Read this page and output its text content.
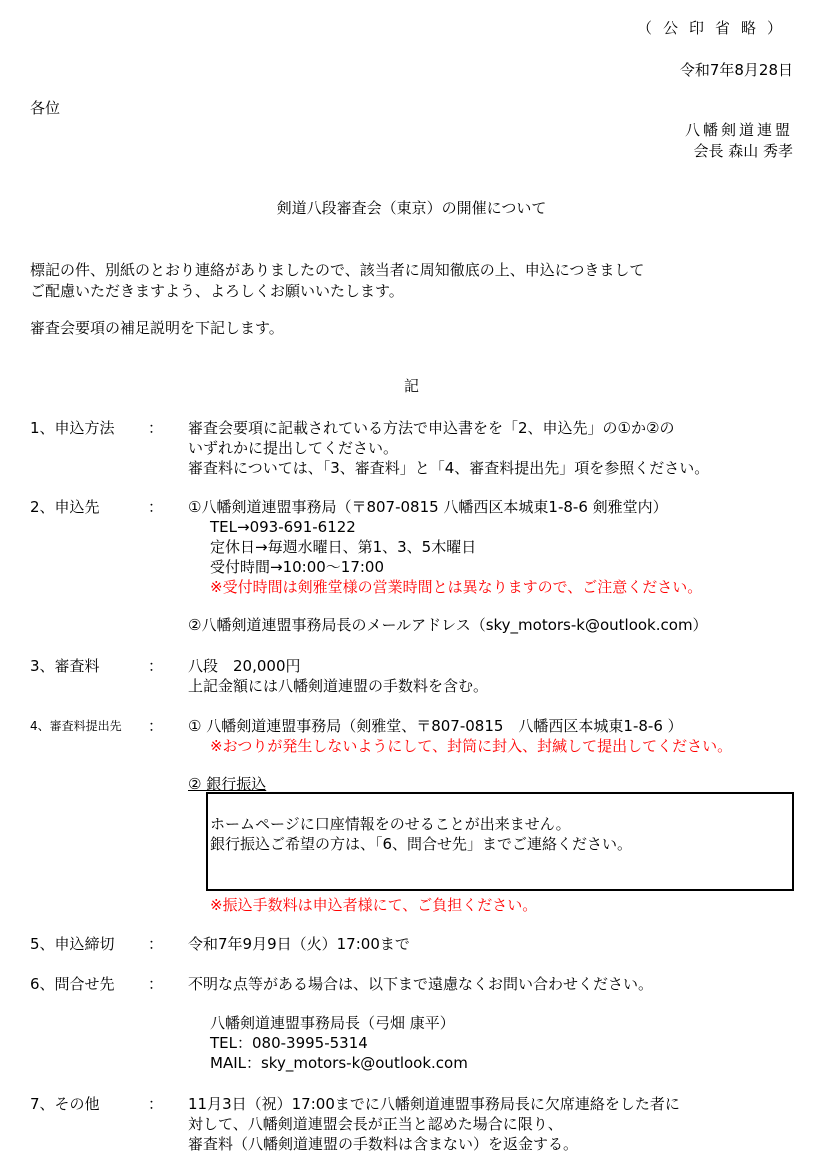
（公印省略）
令和7年8月28日
各位
八幡剣道連盟
会長 森山 秀孝
剣道八段審査会（東京）の開催について
標記の件、別紙のとおり連絡がありましたので、該当者に周知徹底の上、申込につきまして
ご配慮いただきますよう、よろしくお願いいたします。
審査会要項の補足説明を下記します。
記
1、申込方法 ： 審査会要項に記載されている方法で申込書をを「2、申込先」の①か②の
いずれかに提出してください。
審査料については、「3、審査料」と「4、審査料提出先」項を参照ください。
2、申込先	： ①八幡剣道連盟事務局（〒807-0815 八幡西区本城東1-8-6 剣雅堂内）
TEL→093-691-6122
定休日→毎週水曜日、第1、3、5木曜日
受付時間→10:00～17:00
※受付時間は剣雅堂様の営業時間とは異なりますので、ご注意ください。
②八幡剣道連盟事務局長のメールアドレス（sky_motors-k@outlook.com）
3、審査料	： 八段　20,000円
上記金額には八幡剣道連盟の手数料を含む。
4、審査料提出先 ： ① 八幡剣道連盟事務局（剣雅堂、〒807-0815　八幡西区本城東1-8-6 ）
※おつりが発生しないようにして、封筒に封入、封緘して提出してください。
② 銀行振込
ホームページに口座情報をのせることが出来ません。
銀行振込ご希望の方は、「6、問合せ先」までご連絡ください。
※振込手数料は申込者様にて、ご負担ください。
5、申込締切 ： 令和7年9月9日（火）17:00まで
6、問合せ先 ： 不明な点等がある場合は、以下まで遠慮なくお問い合わせください。
八幡剣道連盟事務局長（弓畑 康平）
TEL：080-3995-5314
MAIL：sky_motors-k@outlook.com
7、その他	： 11月3日（祝）17:00までに八幡剣道連盟事務局長に欠席連絡をした者に
対して、八幡剣道連盟会長が正当と認めた場合に限り、
審査料（八幡剣道連盟の手数料は含まない）を返金する。
